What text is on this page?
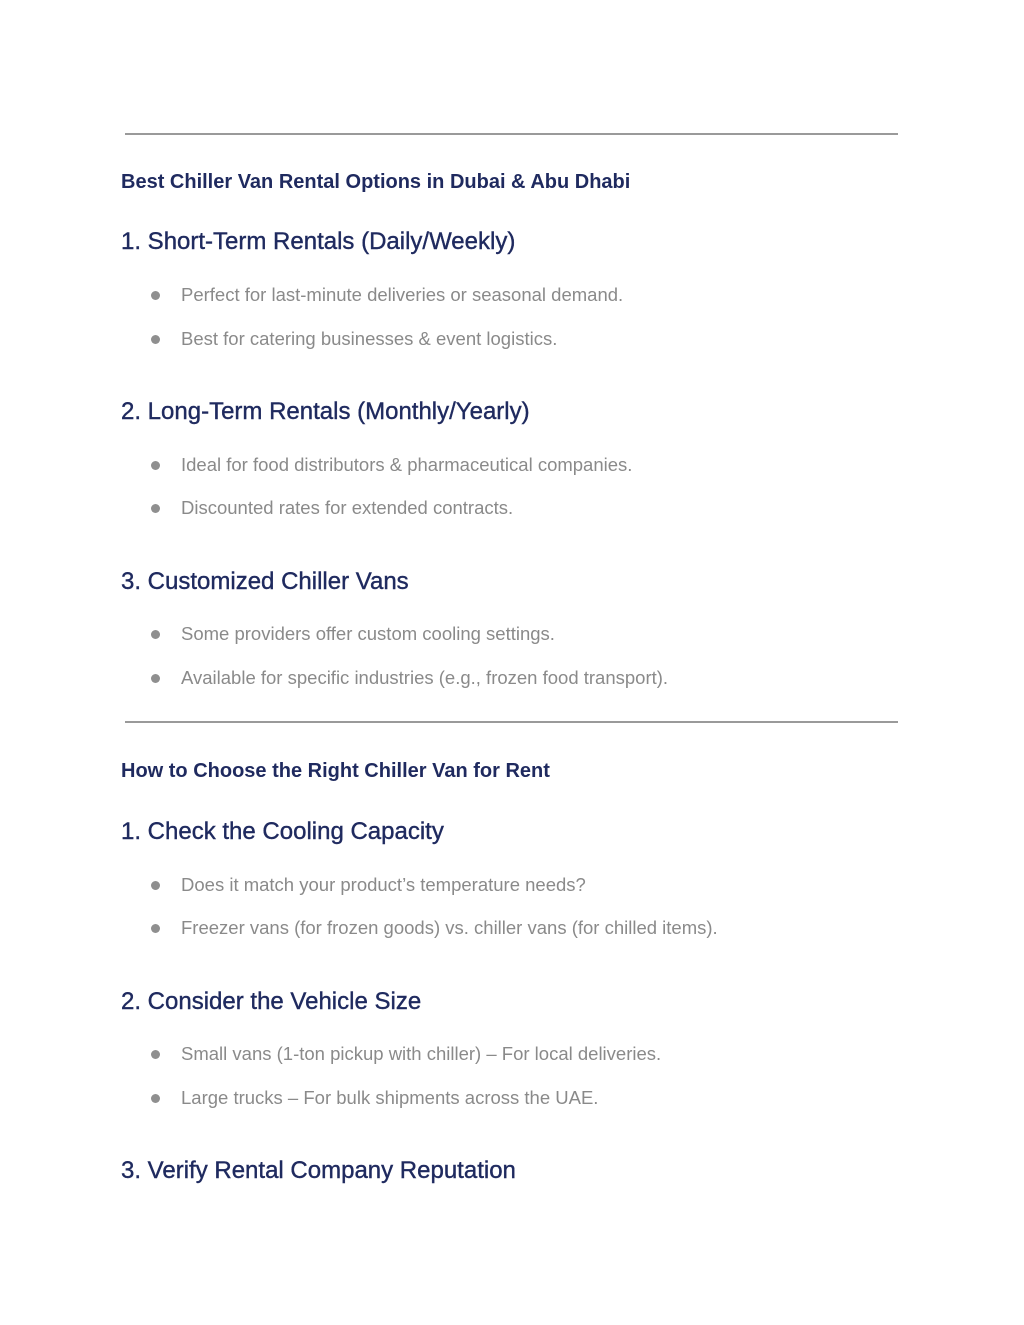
Best Chiller Van Rental Options in Dubai & Abu Dhabi
1. Short-Term Rentals (Daily/Weekly)

Perfect for last-minute deliveries or seasonal demand.

Best for catering businesses & event logistics.

2. Long-Term Rentals (Monthly/Yearly)

Ideal for food distributors & pharmaceutical companies.

Discounted rates for extended contracts.

3. Customized Chiller Vans

Some providers offer custom cooling settings.

Available for specific industries (e.g., frozen food transport).

How to Choose the Right Chiller Van for Rent
1. Check the Cooling Capacity

Does it match your product’s temperature needs?

Freezer vans (for frozen goods) vs. chiller vans (for chilled items).

2. Consider the Vehicle Size

Small vans (1-ton pickup with chiller) – For local deliveries.

Large trucks – For bulk shipments across the UAE.

3. Verify Rental Company Reputation
